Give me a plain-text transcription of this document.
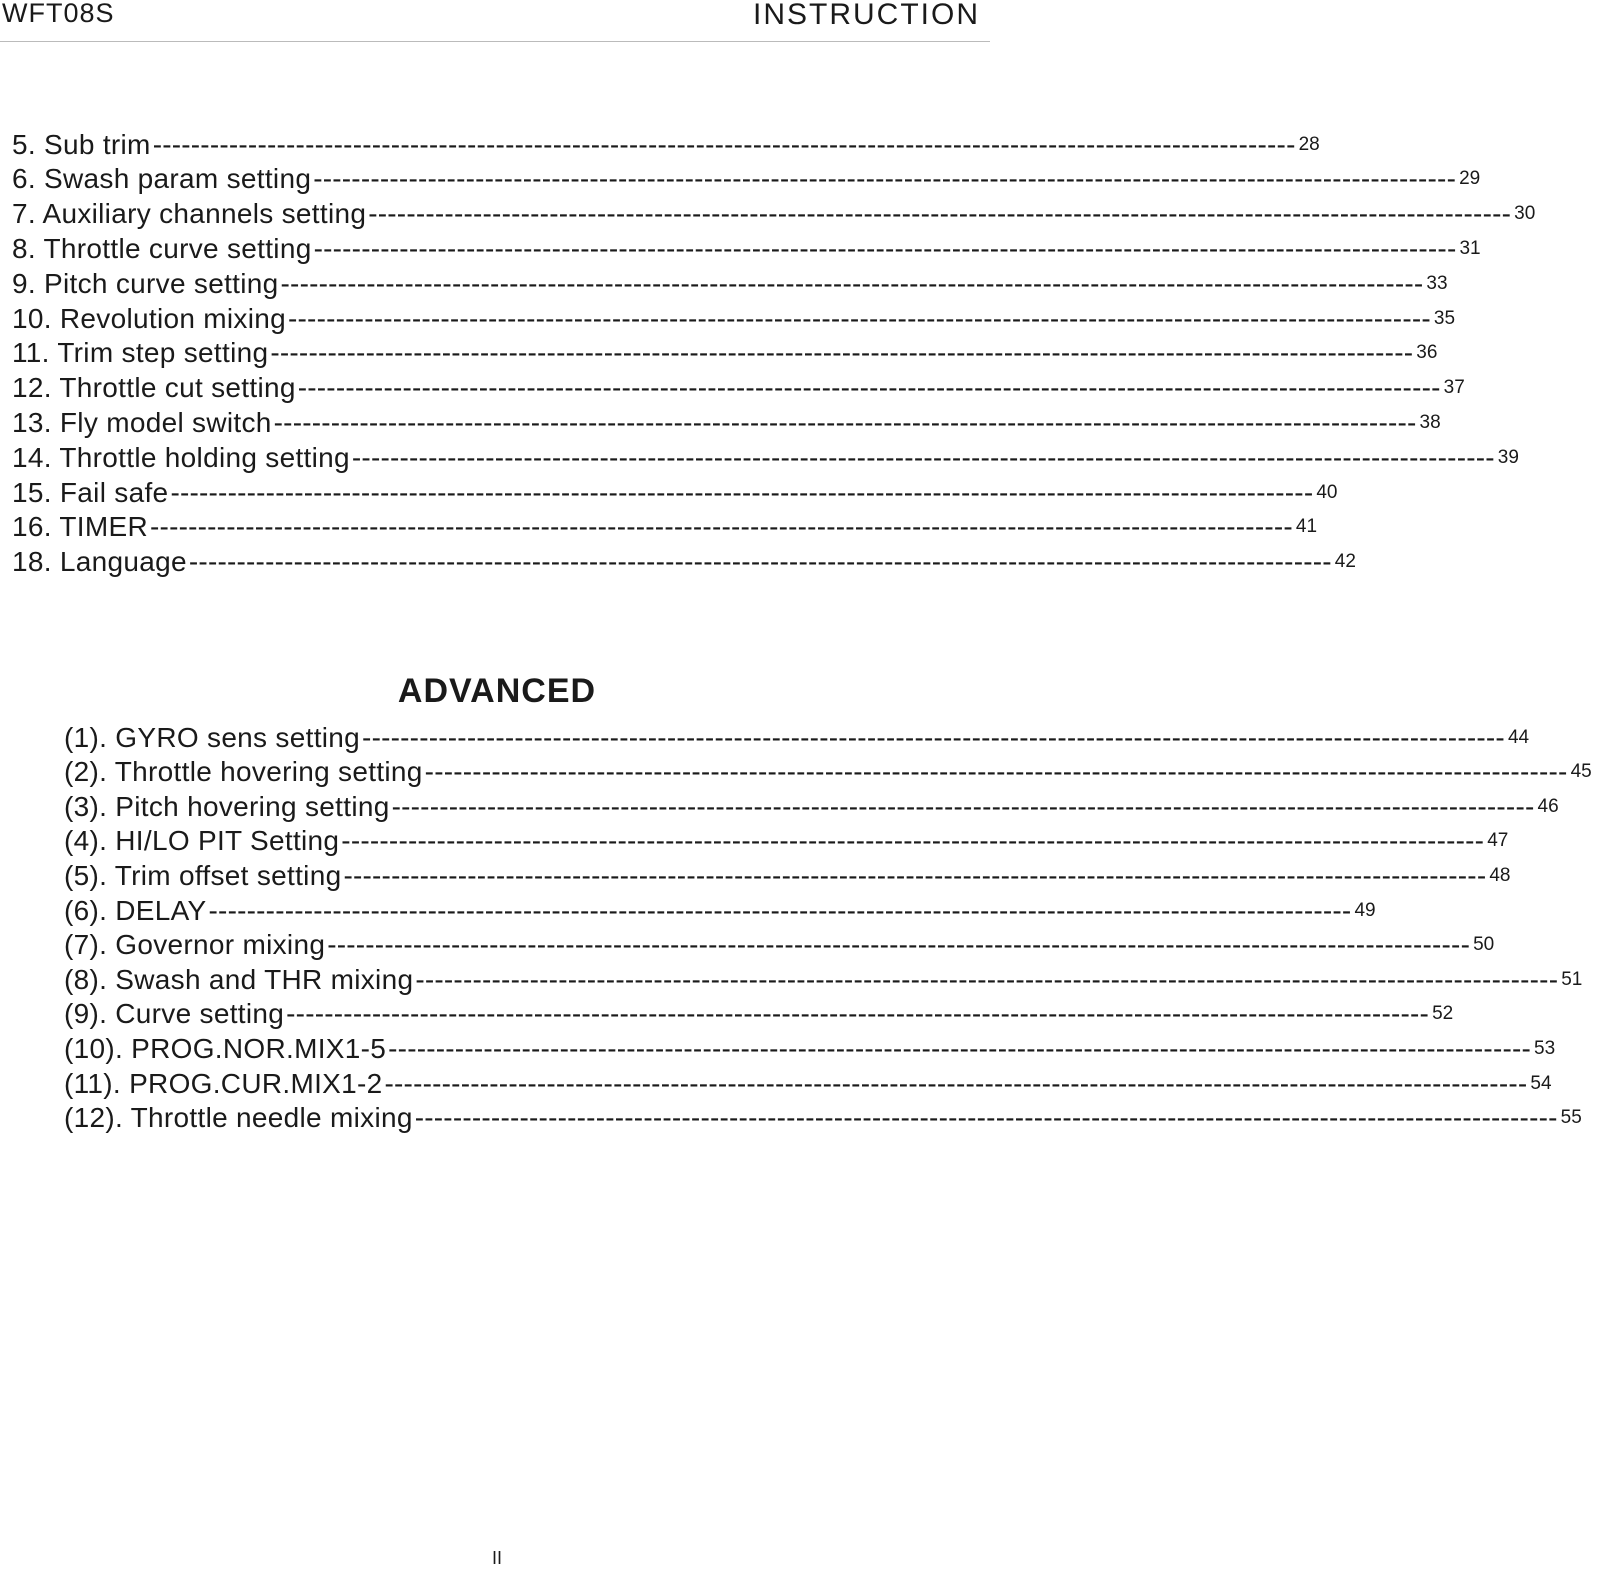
WFT08S	INSTRUCTION
5. Sub trim ------------------------------------------------------------------------------------------------------------------------ 28
6. Swash param setting ------------------------------------------------------------------------------------------------------------------------ 29
7. Auxiliary channels setting ------------------------------------------------------------------------------------------------------------------------ 30
8. Throttle curve setting ------------------------------------------------------------------------------------------------------------------------ 31
9. Pitch curve setting ------------------------------------------------------------------------------------------------------------------------ 33
10. Revolution mixing ------------------------------------------------------------------------------------------------------------------------ 35
11. Trim step setting ------------------------------------------------------------------------------------------------------------------------ 36
12. Throttle cut setting ------------------------------------------------------------------------------------------------------------------------ 37
13. Fly model switch ------------------------------------------------------------------------------------------------------------------------ 38
14. Throttle holding setting ------------------------------------------------------------------------------------------------------------------------ 39
15. Fail safe ------------------------------------------------------------------------------------------------------------------------ 40
16. TIMER ------------------------------------------------------------------------------------------------------------------------ 41
18. Language ------------------------------------------------------------------------------------------------------------------------ 42
ADVANCED
(1). GYRO sens setting ------------------------------------------------------------------------------------------------------------------------ 44
(2). Throttle hovering setting ------------------------------------------------------------------------------------------------------------------------ 45
(3). Pitch hovering setting ------------------------------------------------------------------------------------------------------------------------ 46
(4). HI/LO PIT Setting ------------------------------------------------------------------------------------------------------------------------ 47
(5). Trim offset setting ------------------------------------------------------------------------------------------------------------------------ 48
(6). DELAY ------------------------------------------------------------------------------------------------------------------------ 49
(7). Governor mixing ------------------------------------------------------------------------------------------------------------------------ 50
(8). Swash and THR mixing ------------------------------------------------------------------------------------------------------------------------ 51
(9). Curve setting ------------------------------------------------------------------------------------------------------------------------ 52
(10). PROG.NOR.MIX1-5 ------------------------------------------------------------------------------------------------------------------------ 53
(11). PROG.CUR.MIX1-2 ------------------------------------------------------------------------------------------------------------------------ 54
(12). Throttle needle mixing ------------------------------------------------------------------------------------------------------------------------ 55
II
